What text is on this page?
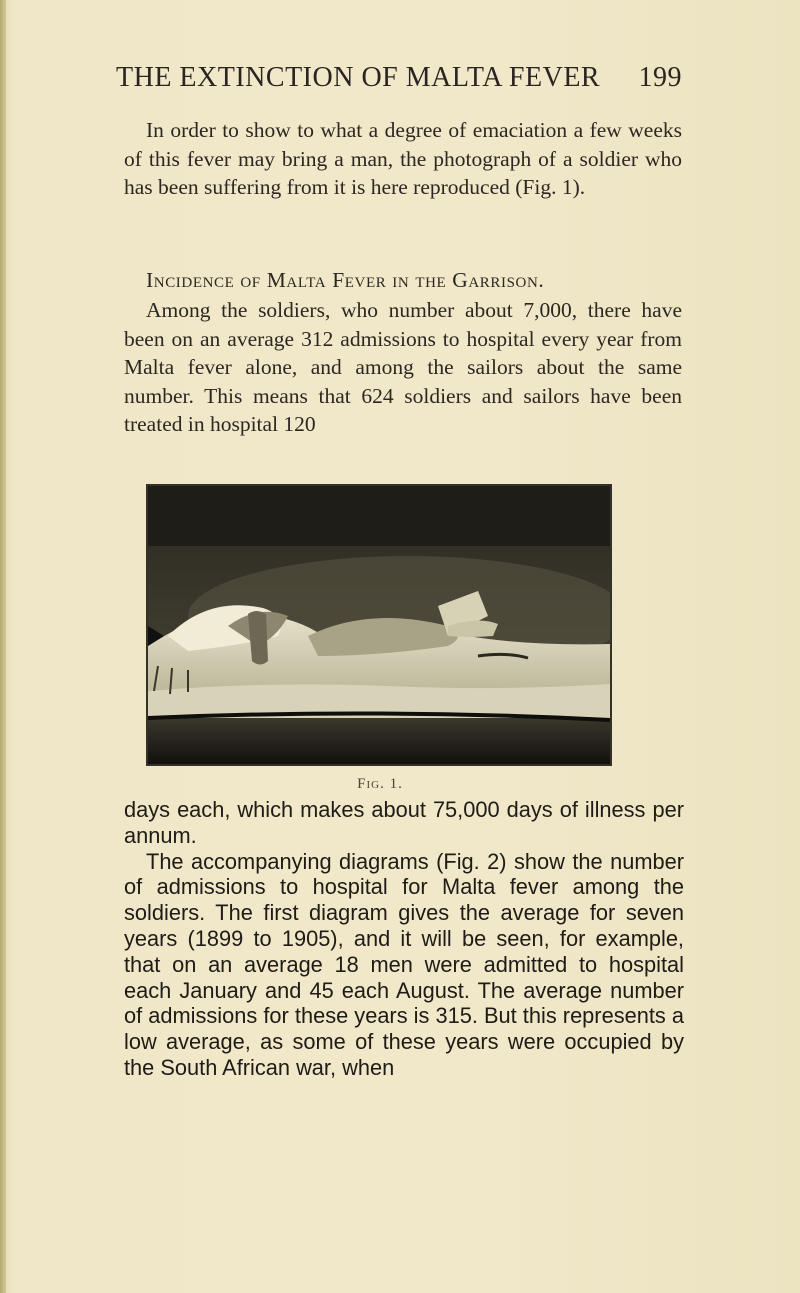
THE EXTINCTION OF MALTA FEVER 199

In order to show to what a degree of emaciation a few weeks of this fever may bring a man, the photograph of a soldier who has been suffering from it is here reproduced (Fig. 1).

Incidence of Malta Fever in the Garrison.

Among the soldiers, who number about 7,000, there have been on an average 312 admissions to hospital every year from Malta fever alone, and among the sailors about the same number. This means that 624 soldiers and sailors have been treated in hospital 120

Fig. 1.

days each, which makes about 75,000 days of illness per annum.

The accompanying diagrams (Fig. 2) show the number of admissions to hospital for Malta fever among the soldiers. The first diagram gives the average for seven years (1899 to 1905), and it will be seen, for example, that on an average 18 men were admitted to hospital each January and 45 each August. The average number of admissions for these years is 315. But this represents a low average, as some of these years were occupied by the South African war, when
